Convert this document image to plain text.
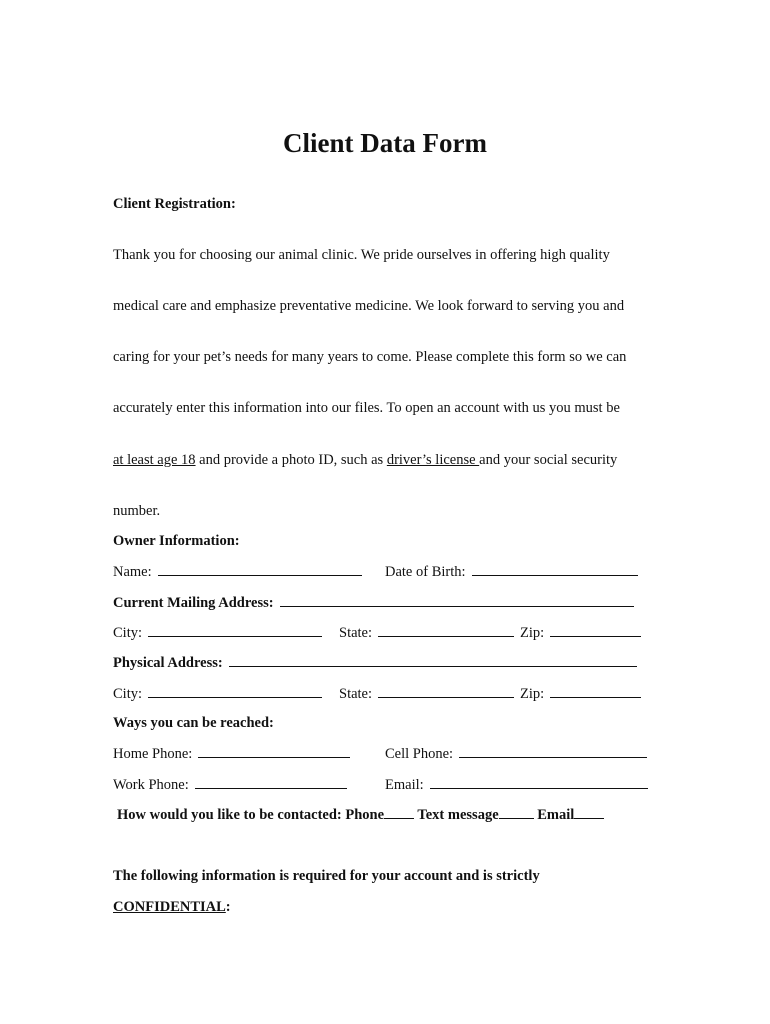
Client Data Form
Client Registration:
Thank you for choosing our animal clinic. We pride ourselves in offering high quality
medical care and emphasize preventative medicine. We look forward to serving you and
caring for your pet’s needs for many years to come. Please complete this form so we can
accurately enter this information into our files. To open an account with us you must be
at least age 18 and provide a photo ID, such as driver’s license and your social security
number.
Owner Information:
Name:	Date of Birth:
Current Mailing Address:
City:	State:	Zip:
Physical Address:
City:	State:	Zip:
Ways you can be reached:
Home Phone:	Cell Phone:
Work Phone:	Email:
How would you like to be contacted: Phone Text message Email
The following information is required for your account and is strictly
CONFIDENTIAL:
